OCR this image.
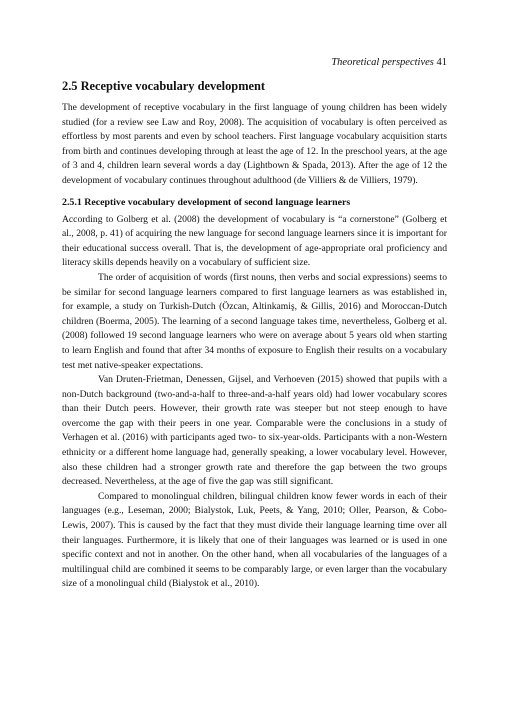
Theoretical perspectives 41
2.5 Receptive vocabulary development

The development of receptive vocabulary in the first language of young children has been widely studied (for a review see Law and Roy, 2008). The acquisition of vocabulary is often perceived as effortless by most parents and even by school teachers. First language vocabulary acquisition starts from birth and continues developing through at least the age of 12. In the preschool years, at the age of 3 and 4, children learn several words a day (Lightbown & Spada, 2013). After the age of 12 the development of vocabulary continues throughout adulthood (de Villiers & de Villiers, 1979).

2.5.1 Receptive vocabulary development of second language learners

According to Golberg et al. (2008) the development of vocabulary is “a cornerstone” (Golberg et al., 2008, p. 41) of acquiring the new language for second language learners since it is important for their educational success overall. That is, the development of age-appropriate oral proficiency and literacy skills depends heavily on a vocabulary of sufficient size.

The order of acquisition of words (first nouns, then verbs and social expressions) seems to be similar for second language learners compared to first language learners as was established in, for example, a study on Turkish-Dutch (Özcan, Altinkamiş, & Gillis, 2016) and Moroccan-Dutch children (Boerma, 2005). The learning of a second language takes time, nevertheless, Golberg et al. (2008) followed 19 second language learners who were on average about 5 years old when starting to learn English and found that after 34 months of exposure to English their results on a vocabulary test met native-speaker expectations.

Van Druten-Frietman, Denessen, Gijsel, and Verhoeven (2015) showed that pupils with a non-Dutch background (two-and-a-half to three-and-a-half years old) had lower vocabulary scores than their Dutch peers. However, their growth rate was steeper but not steep enough to have overcome the gap with their peers in one year. Comparable were the conclusions in a study of Verhagen et al. (2016) with participants aged two- to six-year-olds. Participants with a non-Western ethnicity or a different home language had, generally speaking, a lower vocabulary level. However, also these children had a stronger growth rate and therefore the gap between the two groups decreased. Nevertheless, at the age of five the gap was still significant.

Compared to monolingual children, bilingual children know fewer words in each of their languages (e.g., Leseman, 2000; Bialystok, Luk, Peets, & Yang, 2010; Oller, Pearson, & Cobo-Lewis, 2007). This is caused by the fact that they must divide their language learning time over all their languages. Furthermore, it is likely that one of their languages was learned or is used in one specific context and not in another. On the other hand, when all vocabularies of the languages of a multilingual child are combined it seems to be comparably large, or even larger than the vocabulary size of a monolingual child (Bialystok et al., 2010).
